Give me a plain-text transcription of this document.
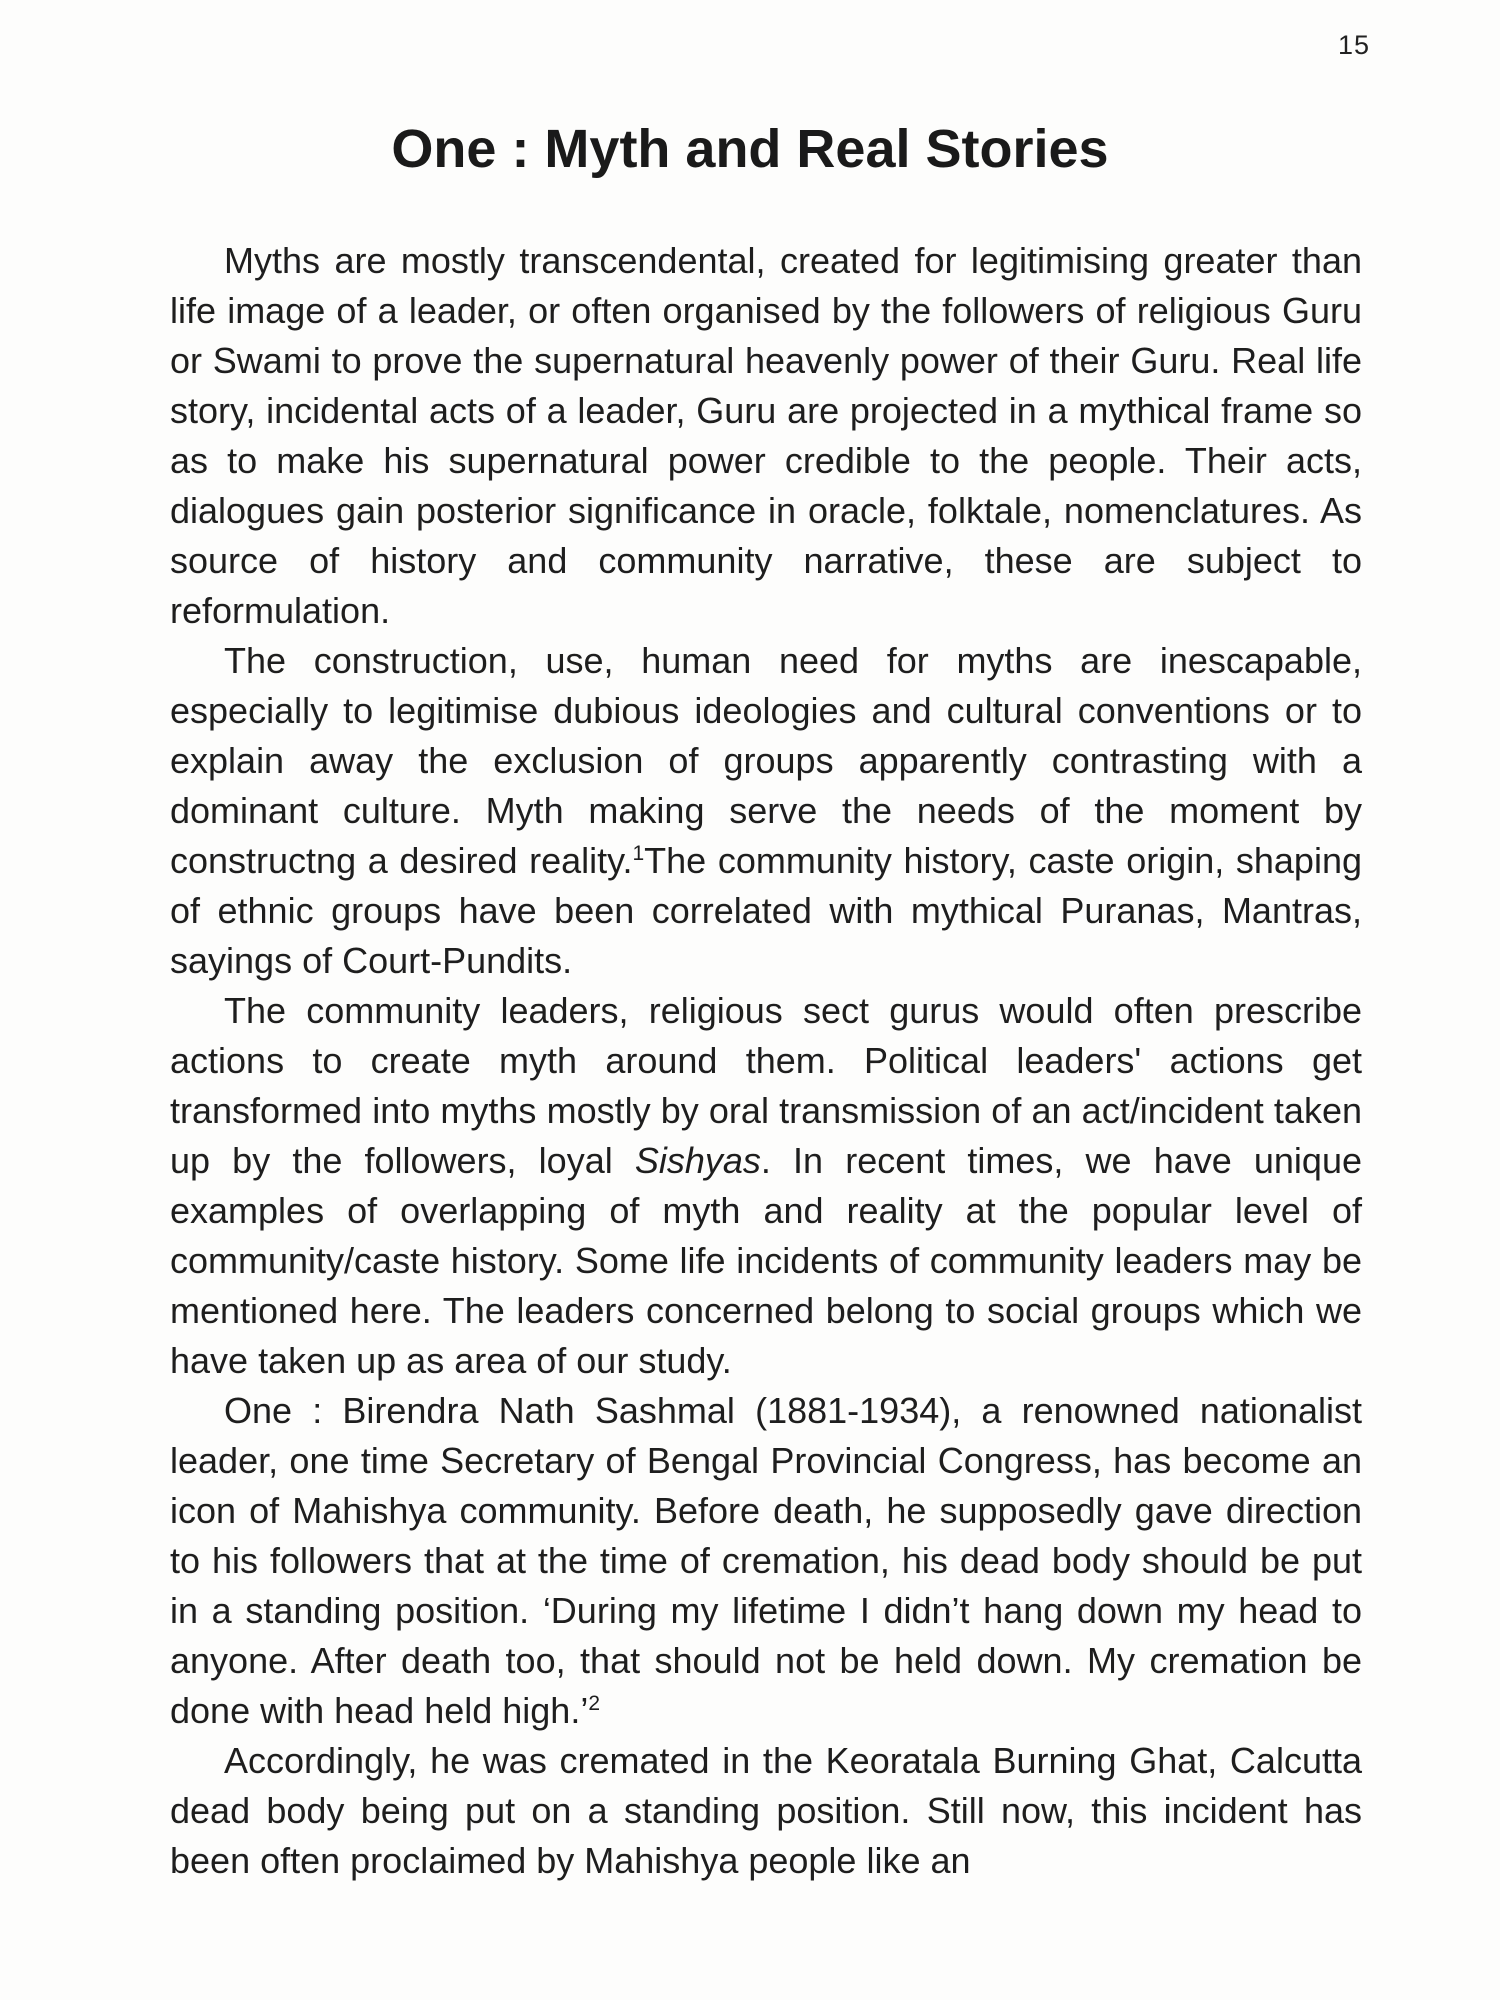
15
One : Myth and Real Stories

Myths are mostly transcendental, created for legitimising greater than life image of a leader, or often organised by the followers of religious Guru or Swami to prove the supernatural heavenly power of their Guru. Real life story, incidental acts of a leader, Guru are projected in a mythical frame so as to make his supernatural power credible to the people. Their acts, dialogues gain posterior significance in oracle, folktale, nomenclatures. As source of history and community narrative, these are subject to reformulation.

The construction, use, human need for myths are inescapable, especially to legitimise dubious ideologies and cultural conventions or to explain away the exclusion of groups apparently contrasting with a dominant culture. Myth making serve the needs of the moment by constructng a desired reality.$^1$The community history, caste origin, shaping of ethnic groups have been correlated with mythical Puranas, Mantras, sayings of Court-Pundits.

The community leaders, religious sect gurus would often prescribe actions to create myth around them. Political leaders' actions get transformed into myths mostly by oral transmission of an act/incident taken up by the followers, loyal Sishyas. In recent times, we have unique examples of overlapping of myth and reality at the popular level of community/caste history. Some life incidents of community leaders may be mentioned here. The leaders concerned belong to social groups which we have taken up as area of our study.

One : Birendra Nath Sashmal (1881-1934), a renowned nationalist leader, one time Secretary of Bengal Provincial Congress, has become an icon of Mahishya community. Before death, he supposedly gave direction to his followers that at the time of cremation, his dead body should be put in a standing position. ‘During my lifetime I didn’t hang down my head to anyone. After death too, that should not be held down. My cremation be done with head held high.’$^2$

Accordingly, he was cremated in the Keoratala Burning Ghat, Calcutta dead body being put on a standing position. Still now, this incident has been often proclaimed by Mahishya people like an
